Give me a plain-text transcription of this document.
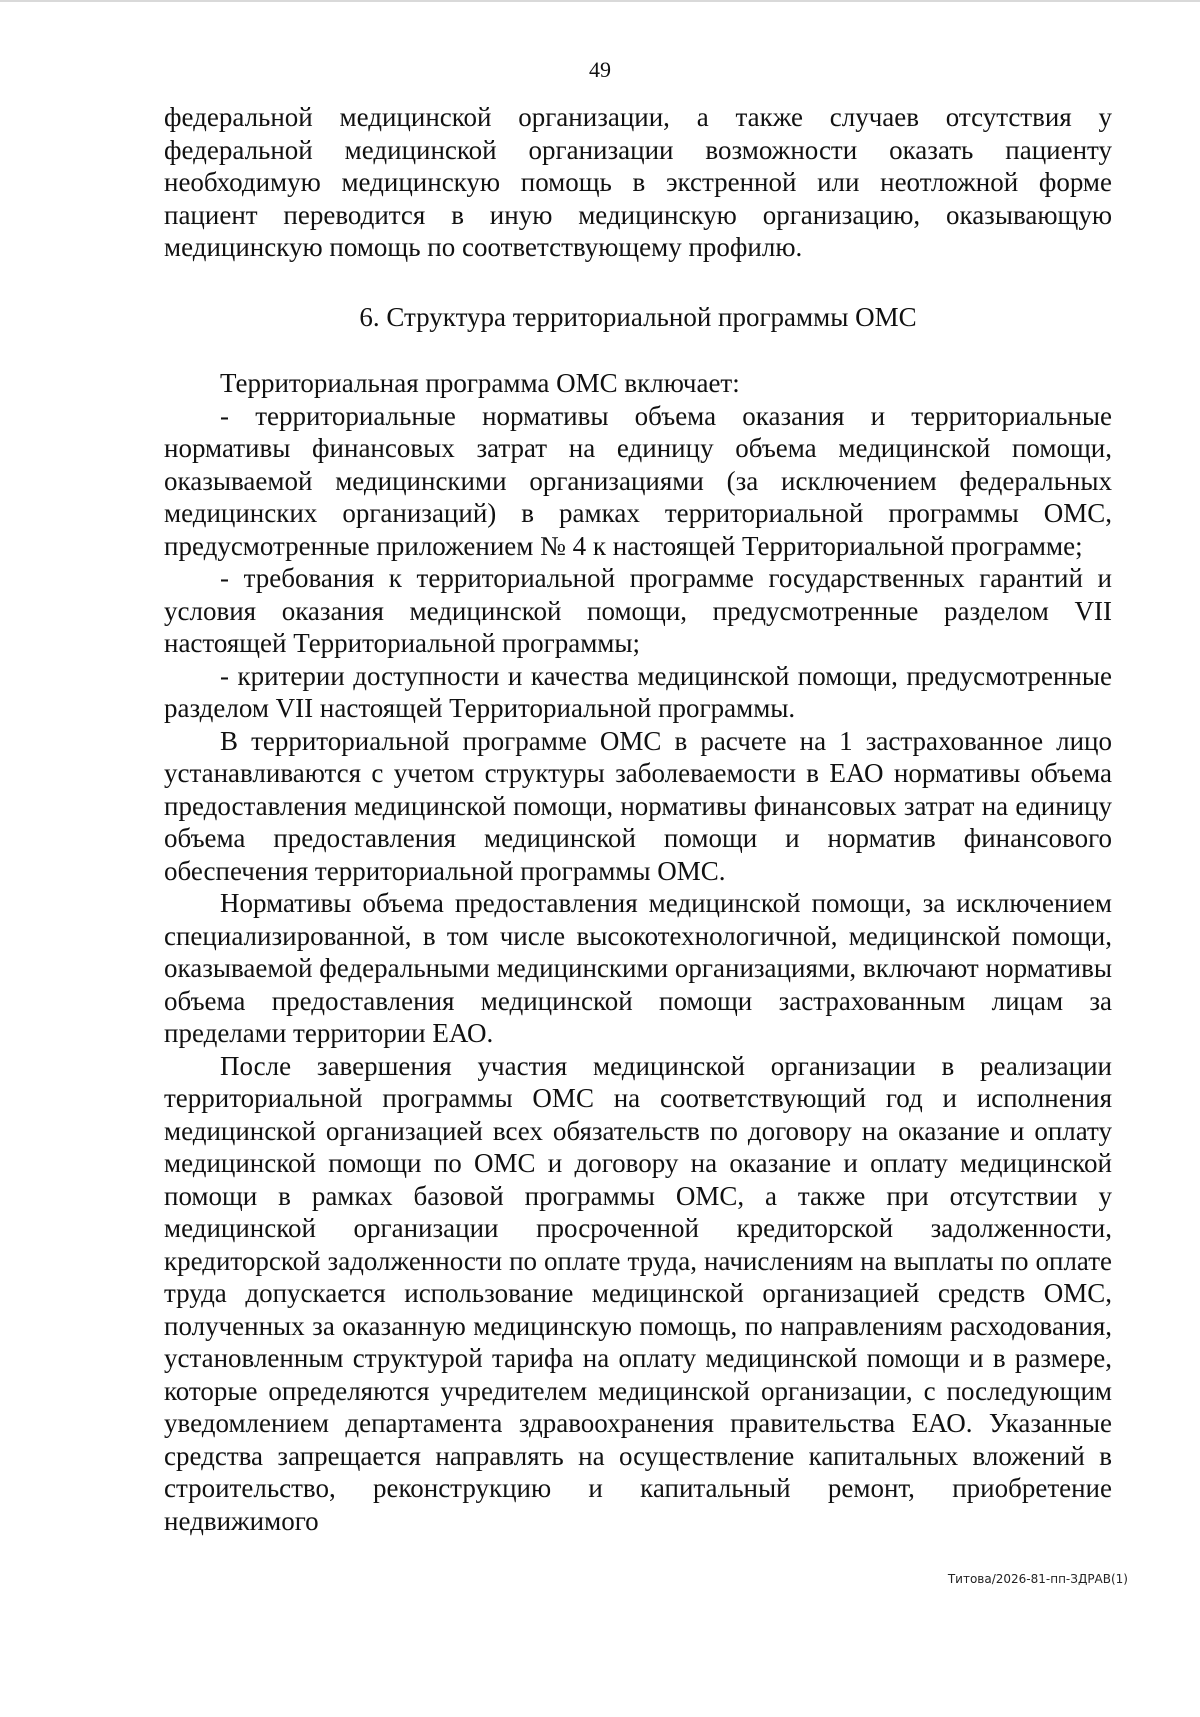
49

федеральной медицинской организации, а также случаев отсутствия у федеральной медицинской организации возможности оказать пациенту необходимую медицинскую помощь в экстренной или неотложной форме пациент переводится в иную медицинскую организацию, оказывающую медицинскую помощь по соответствующему профилю.

6. Структура территориальной программы ОМС

Территориальная программа ОМС включает:

- территориальные нормативы объема оказания и территориальные нормативы финансовых затрат на единицу объема медицинской помощи, оказываемой медицинскими организациями (за исключением федеральных медицинских организаций) в рамках территориальной программы ОМС, предусмотренные приложением № 4 к настоящей Территориальной программе;

- требования к территориальной программе государственных гарантий и условия оказания медицинской помощи, предусмотренные разделом VII настоящей Территориальной программы;

- критерии доступности и качества медицинской помощи, предусмотренные разделом VII настоящей Территориальной программы.

В территориальной программе ОМС в расчете на 1 застрахованное лицо устанавливаются с учетом структуры заболеваемости в ЕАО нормативы объема предоставления медицинской помощи, нормативы финансовых затрат на единицу объема предоставления медицинской помощи и норматив финансового обеспечения территориальной программы ОМС.

Нормативы объема предоставления медицинской помощи, за исключением специализированной, в том числе высокотехнологичной, медицинской помощи, оказываемой федеральными медицинскими организациями, включают нормативы объема предоставления медицинской помощи застрахованным лицам за пределами территории ЕАО.

После завершения участия медицинской организации в реализации территориальной программы ОМС на соответствующий год и исполнения медицинской организацией всех обязательств по договору на оказание и оплату медицинской помощи по ОМС и договору на оказание и оплату медицинской помощи в рамках базовой программы ОМС, а также при отсутствии у медицинской организации просроченной кредиторской задолженности, кредиторской задолженности по оплате труда, начислениям на выплаты по оплате труда допускается использование медицинской организацией средств ОМС, полученных за оказанную медицинскую помощь, по направлениям расходования, установленным структурой тарифа на оплату медицинской помощи и в размере, которые определяются учредителем медицинской организации, с последующим уведомлением департамента здравоохранения правительства ЕАО. Указанные средства запрещается направлять на осуществление капитальных вложений в строительство, реконструкцию и капитальный ремонт, приобретение недвижимого

Титова/2026-81-пп-ЗДРАВ(1)
